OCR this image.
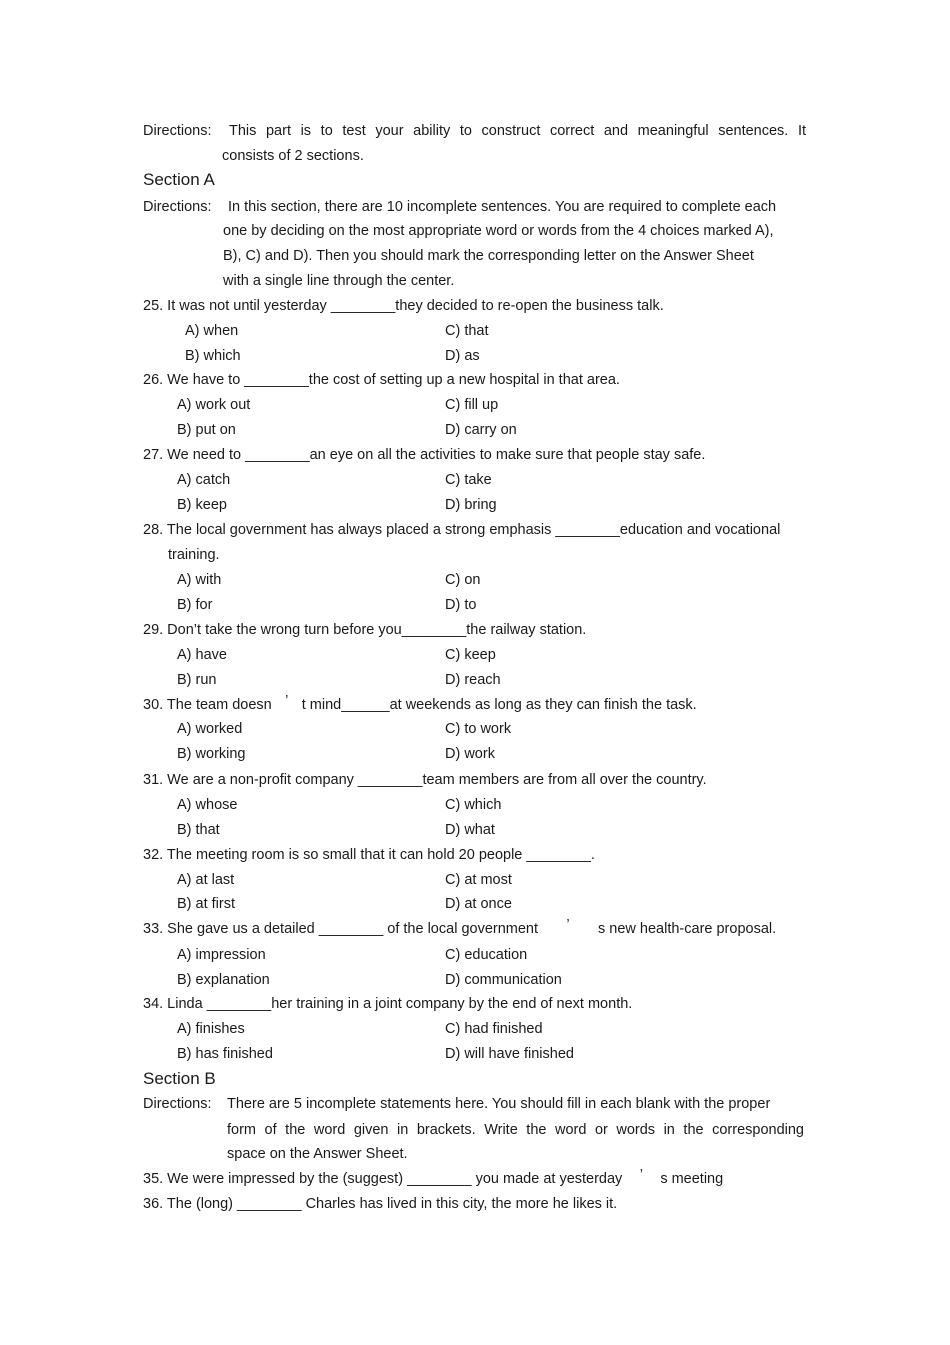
Directions: This part is to test your ability to construct correct and meaningful sentences. It
consists of 2 sections.
Section A
Directions: In this section, there are 10 incomplete sentences. You are required to complete each
one by deciding on the most appropriate word or words from the 4 choices marked A),
B), C) and D). Then you should mark the corresponding letter on the Answer Sheet
with a single line through the center.
25. It was not until yesterday ________they decided to re-open the business talk.
A) when	C) that
B) which	D) as
26. We have to ________the cost of setting up a new hospital in that area.
A) work out	C) fill up
B) put on	D) carry on
27. We need to ________an eye on all the activities to make sure that people stay safe.
A) catch	C) take
B) keep	D) bring
28. The local government has always placed a strong emphasis ________education and vocational
training.
A) with	C) on
B) for	D) to
29. Don’t take the wrong turn before you________the railway station.
A) have	C) keep
B) run	D) reach
30. The team doesn ’ t mind______at weekends as long as they can finish the task.
A) worked	C) to work
B) working	D) work
31. We are a non-profit company ________team members are from all over the country.
A) whose	C) which
B) that	D) what
32. The meeting room is so small that it can hold 20 people ________.
A) at last	C) at most
B) at first	D) at once
33. She gave us a detailed ________ of the local government ’ s new health-care proposal.
A) impression	C) education
B) explanation	D) communication
34. Linda ________her training in a joint company by the end of next month.
A) finishes	C) had finished
B) has finished	D) will have finished
Section B
Directions: There are 5 incomplete statements here. You should fill in each blank with the proper
form of the word given in brackets. Write the word or words in the corresponding
space on the Answer Sheet.
35. We were impressed by the (suggest) ________ you made at yesterday ’ s meeting
36. The (long) ________ Charles has lived in this city, the more he likes it.
